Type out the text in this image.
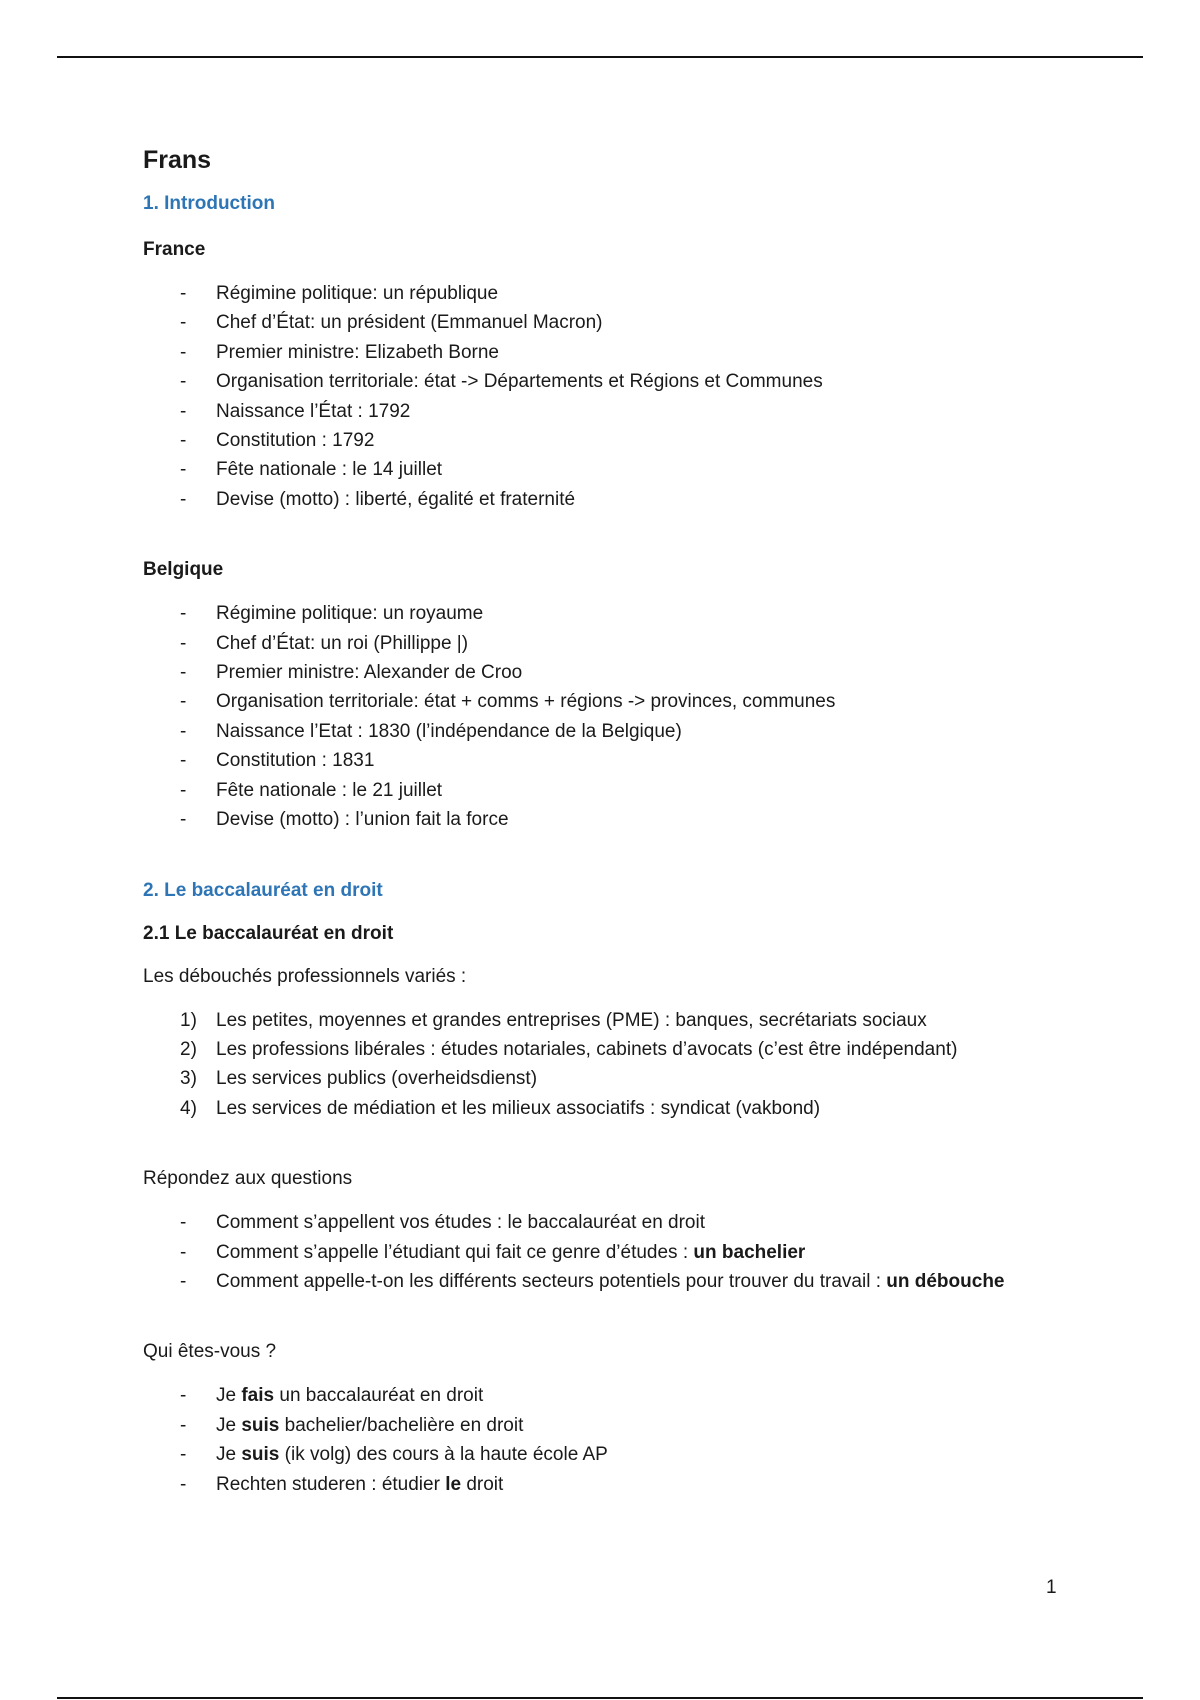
Frans
1. Introduction
France
- Régimine politique: un république
- Chef d’État: un président (Emmanuel Macron)
- Premier ministre: Elizabeth Borne
- Organisation territoriale: état -> Départements et Régions et Communes
- Naissance l’État : 1792
- Constitution : 1792
- Fête nationale : le 14 juillet
- Devise (motto) : liberté, égalité et fraternité
Belgique
- Régimine politique: un royaume
- Chef d’État: un roi (Phillippe |)
- Premier ministre: Alexander de Croo
- Organisation territoriale: état + comms + régions -> provinces, communes
- Naissance l’Etat : 1830 (l’indépendance de la Belgique)
- Constitution : 1831
- Fête nationale : le 21 juillet
- Devise (motto) : l’union fait la force
2. Le baccalauréat en droit
2.1 Le baccalauréat en droit
Les débouchés professionnels variés :
1)	Les petites, moyennes et grandes entreprises (PME) : banques, secrétariats sociaux
2)	Les professions libérales : études notariales, cabinets d’avocats (c’est être indépendant)
3)	Les services publics (overheidsdienst)
4)	Les services de médiation et les milieux associatifs : syndicat (vakbond)
Répondez aux questions
- Comment s’appellent vos études : le baccalauréat en droit
- Comment s’appelle l’étudiant qui fait ce genre d’études : un bachelier
- Comment appelle-t-on les différents secteurs potentiels pour trouver du travail : un débouche
Qui êtes-vous ?
- Je fais un baccalauréat en droit
- Je suis bachelier/bachelière en droit
- Je suis (ik volg) des cours à la haute école AP
- Rechten studeren : étudier le droit
1
